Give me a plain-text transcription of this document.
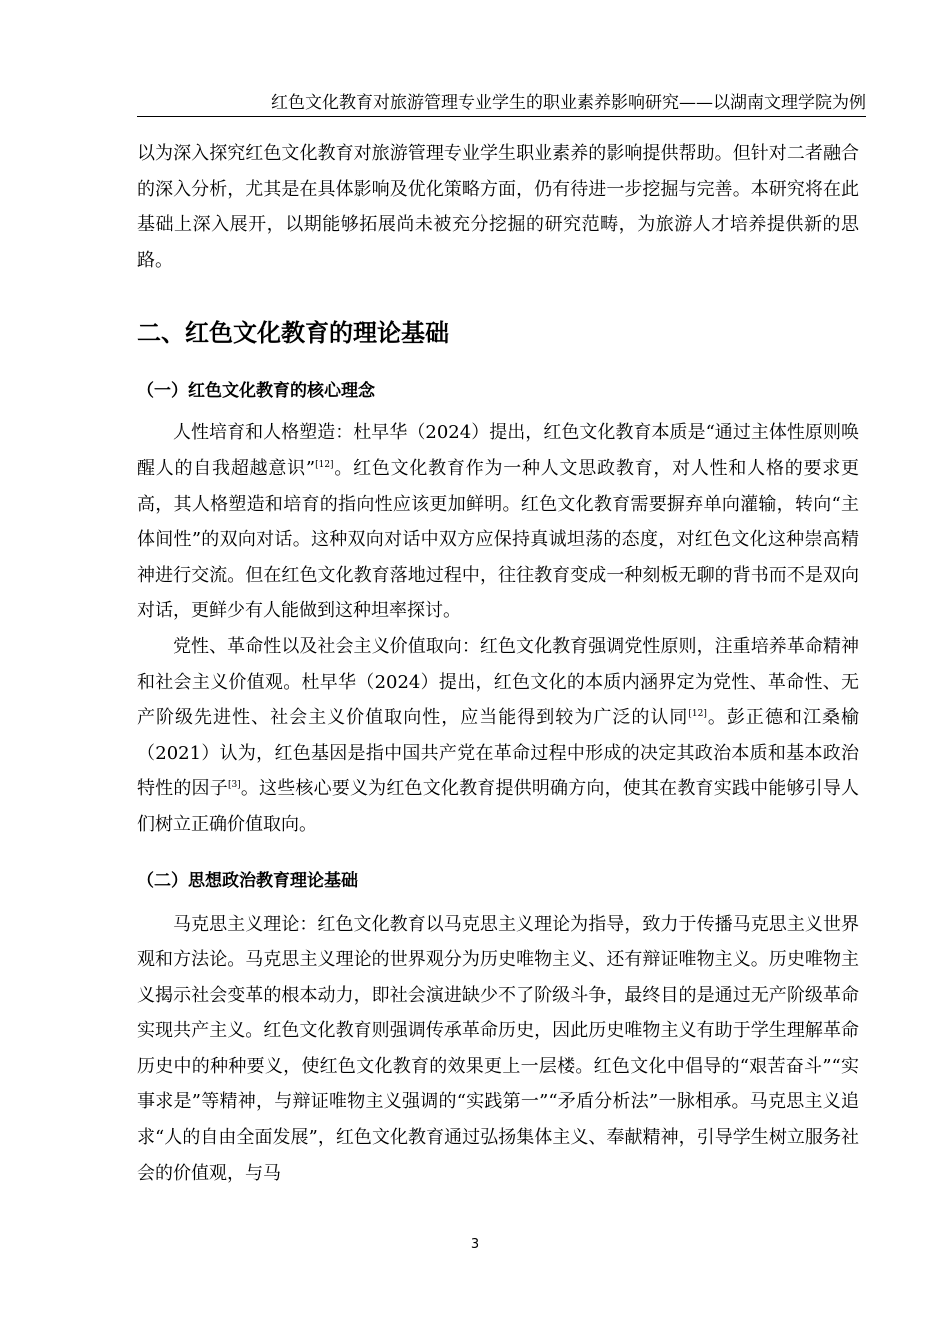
红色文化教育对旅游管理专业学生的职业素养影响研究——以湖南文理学院为例

以为深入探究红色文化教育对旅游管理专业学生职业素养的影响提供帮助。但针对二者融合的深入分析，尤其是在具体影响及优化策略方面，仍有待进一步挖掘与完善。本研究将在此基础上深入展开，以期能够拓展尚未被充分挖掘的研究范畴，为旅游人才培养提供新的思路。

二、红色文化教育的理论基础
（一）红色文化教育的核心理念

人性培育和人格塑造：杜早华（2024）提出，红色文化教育本质是“通过主体性原则唤醒人的自我超越意识”[12]。红色文化教育作为一种人文思政教育，对人性和人格的要求更高，其人格塑造和培育的指向性应该更加鲜明。红色文化教育需要摒弃单向灌输，转向“主体间性”的双向对话。这种双向对话中双方应保持真诚坦荡的态度，对红色文化这种崇高精神进行交流。但在红色文化教育落地过程中，往往教育变成一种刻板无聊的背书而不是双向对话，更鲜少有人能做到这种坦率探讨。

党性、革命性以及社会主义价值取向：红色文化教育强调党性原则，注重培养革命精神和社会主义价值观。杜早华（2024）提出，红色文化的本质内涵界定为党性、革命性、无产阶级先进性、社会主义价值取向性，应当能得到较为广泛的认同[12]。彭正德和江桑榆（2021）认为，红色基因是指中国共产党在革命过程中形成的决定其政治本质和基本政治特性的因子[3]。这些核心要义为红色文化教育提供明确方向，使其在教育实践中能够引导人们树立正确价值取向。

（二）思想政治教育理论基础

马克思主义理论：红色文化教育以马克思主义理论为指导，致力于传播马克思主义世界观和方法论。马克思主义理论的世界观分为历史唯物主义、还有辩证唯物主义。历史唯物主义揭示社会变革的根本动力，即社会演进缺少不了阶级斗争，最终目的是通过无产阶级革命实现共产主义。红色文化教育则强调传承革命历史，因此历史唯物主义有助于学生理解革命历史中的种种要义，使红色文化教育的效果更上一层楼。红色文化中倡导的“艰苦奋斗”“实事求是”等精神，与辩证唯物主义强调的“实践第一”“矛盾分析法”一脉相承。马克思主义追求“人的自由全面发展”，红色文化教育通过弘扬集体主义、奉献精神，引导学生树立服务社会的价值观，与马

3
